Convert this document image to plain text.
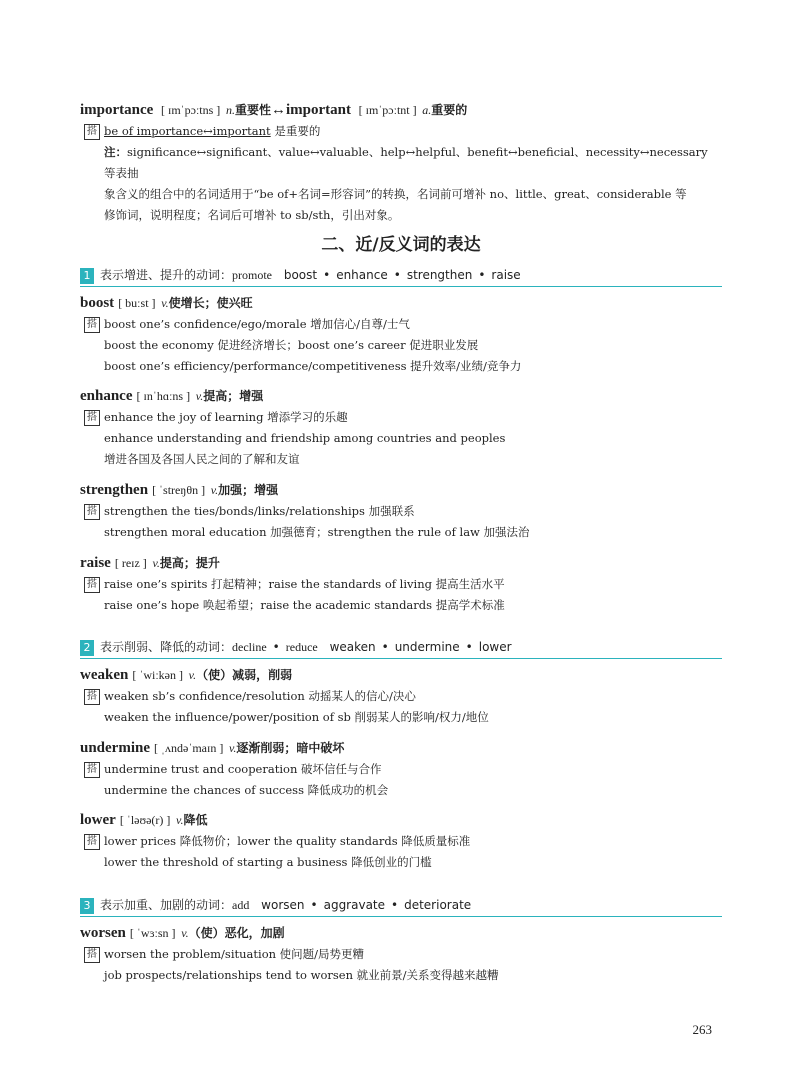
importance [ ɪmˈpɔːtns ] n.重要性↔important [ ɪmˈpɔːtnt ] a.重要的
搭 be of importance↔important 是重要的
注：significance↔significant、value↔valuable、help↔helpful、benefit↔beneficial、necessity↔necessary 等表抽
象含义的组合中的名词适用于“be of+名词=形容词”的转换，名词前可增补 no、little、great、considerable 等
修饰词，说明程度；名词后可增补 to sb/sth，引出对象。
二、近/反义词的表达
1 表示增进、提升的动词：promote boost • enhance • strengthen • raise
boost [ buːst ] v.使增长；使兴旺
搭 boost one’s confidence/ego/morale 增加信心/自尊/士气
boost the economy 促进经济增长；boost one’s career 促进职业发展
boost one’s efficiency/performance/competitiveness 提升效率/业绩/竞争力
enhance [ ɪnˈhɑːns ] v.提高；增强
搭 enhance the joy of learning 增添学习的乐趣
enhance understanding and friendship among countries and peoples
增进各国及各国人民之间的了解和友谊
strengthen [ ˈstreŋθn ] v.加强；增强
搭 strengthen the ties/bonds/links/relationships 加强联系
strengthen moral education 加强德育；strengthen the rule of law 加强法治
raise [ reɪz ] v.提高；提升
搭 raise one’s spirits 打起精神；raise the standards of living 提高生活水平
raise one’s hope 唤起希望；raise the academic standards 提高学术标准
2 表示削弱、降低的动词：decline • reduce weaken • undermine • lower
weaken [ ˈwiːkən ] v.（使）减弱，削弱
搭 weaken sb’s confidence/resolution 动摇某人的信心/决心
weaken the influence/power/position of sb 削弱某人的影响/权力/地位
undermine [ ˌʌndəˈmaɪn ] v.逐渐削弱；暗中破坏
搭 undermine trust and cooperation 破坏信任与合作
undermine the chances of success 降低成功的机会
lower [ ˈləʊə(r) ] v.降低
搭 lower prices 降低物价；lower the quality standards 降低质量标准
lower the threshold of starting a business 降低创业的门槛
3 表示加重、加剧的动词：add worsen • aggravate • deteriorate
worsen [ ˈwɜːsn ] v.（使）恶化，加剧
搭 worsen the problem/situation 使问题/局势更糟
job prospects/relationships tend to worsen 就业前景/关系变得越来越糟
263
